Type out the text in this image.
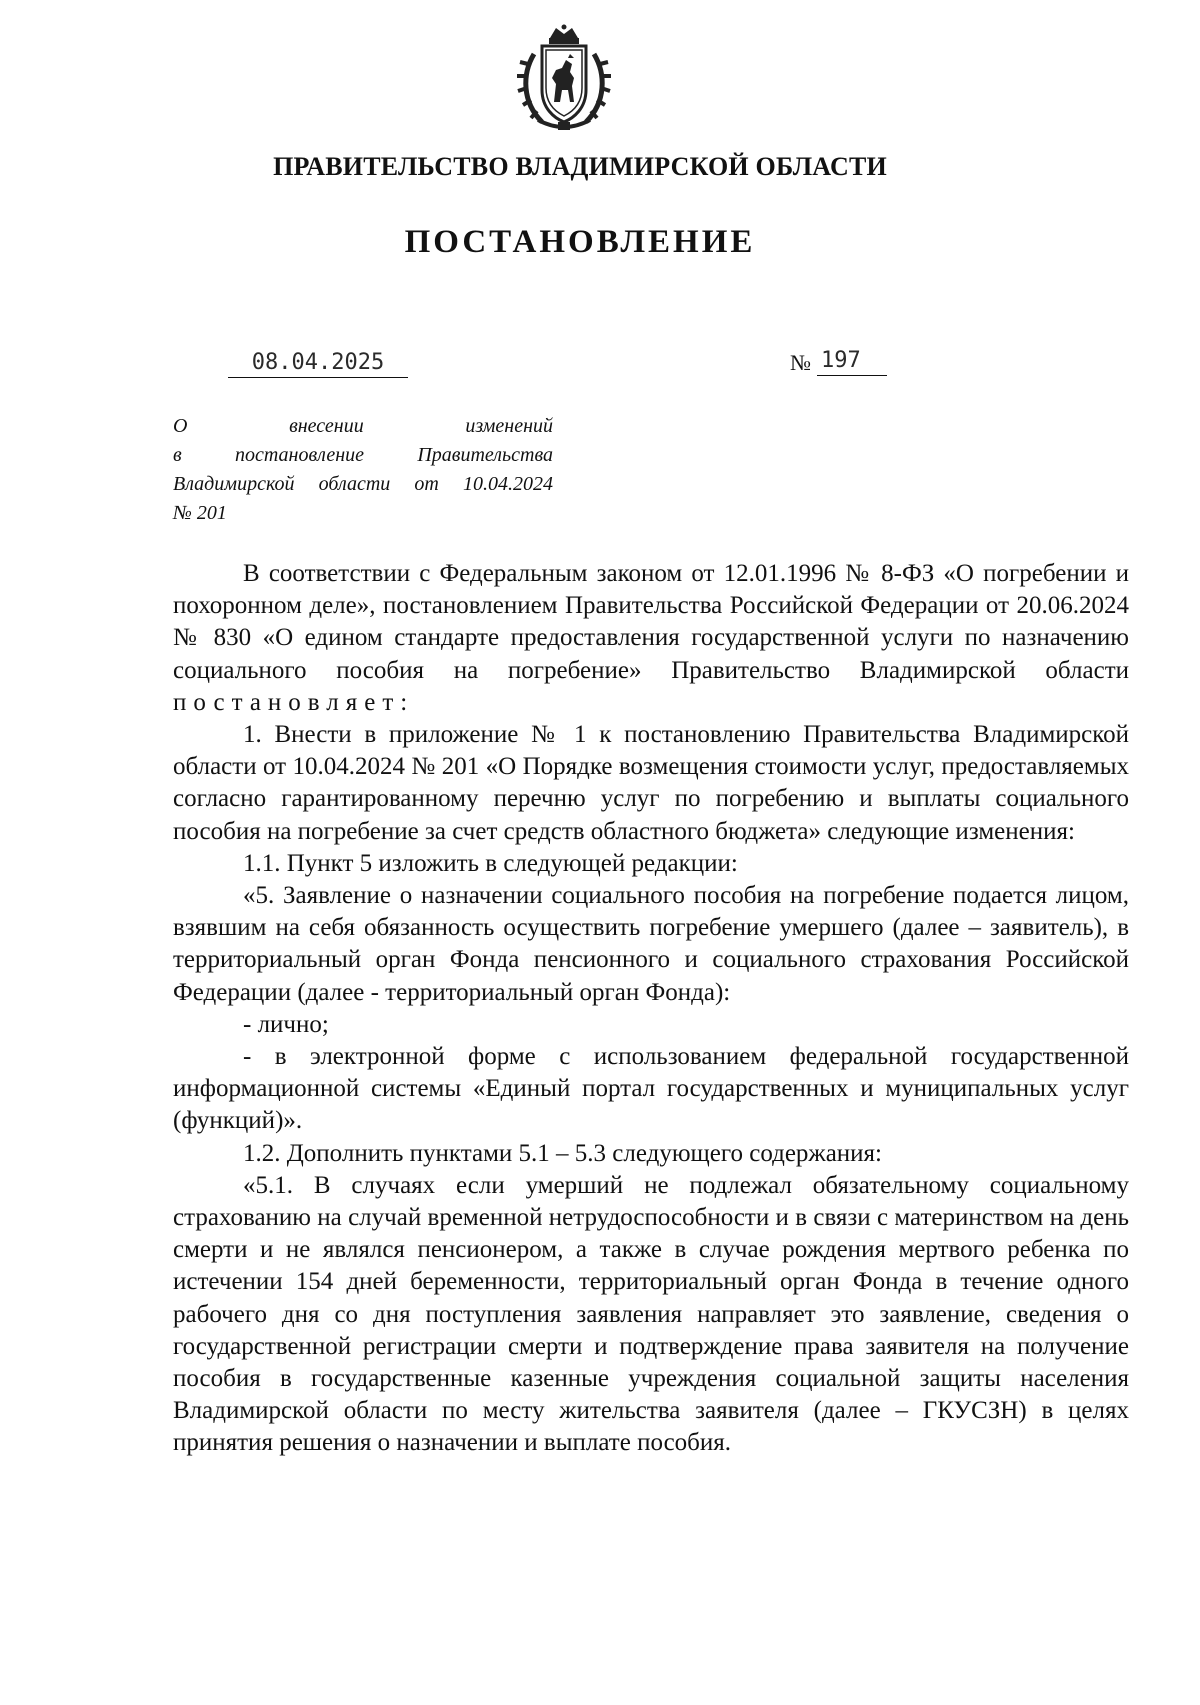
ПРАВИТЕЛЬСТВО ВЛАДИМИРСКОЙ ОБЛАСТИ
ПОСТАНОВЛЕНИЕ
08.04.2025	№ 197
О внесении изменений
в постановление Правительства
Владимирской области от 10.04.2024
№ 201

В соответствии с Федеральным законом от 12.01.1996 № 8-ФЗ «О погребении и похоронном деле», постановлением Правительства Российской Федерации от 20.06.2024 № 830 «О едином стандарте предоставления государственной услуги по назначению социального пособия на погребение» Правительство Владимирской области постановляет:

1. Внести в приложение № 1 к постановлению Правительства Владимирской области от 10.04.2024 № 201 «О Порядке возмещения стоимости услуг, предоставляемых согласно гарантированному перечню услуг по погребению и выплаты социального пособия на погребение за счет средств областного бюджета» следующие изменения:

1.1. Пункт 5 изложить в следующей редакции:

«5. Заявление о назначении социального пособия на погребение подается лицом, взявшим на себя обязанность осуществить погребение умершего (далее – заявитель), в территориальный орган Фонда пенсионного и социального страхования Российской Федерации (далее - территориальный орган Фонда):

- лично;

- в электронной форме с использованием федеральной государственной информационной системы «Единый портал государственных и муниципальных услуг (функций)».

1.2. Дополнить пунктами 5.1 – 5.3 следующего содержания:

«5.1. В случаях если умерший не подлежал обязательному социальному страхованию на случай временной нетрудоспособности и в связи с материнством на день смерти и не являлся пенсионером, а также в случае рождения мертвого ребенка по истечении 154 дней беременности, территориальный орган Фонда в течение одного рабочего дня со дня поступления заявления направляет это заявление, сведения о государственной регистрации смерти и подтверждение права заявителя на получение пособия в государственные казенные учреждения социальной защиты населения Владимирской области по месту жительства заявителя (далее – ГКУСЗН) в целях принятия решения о назначении и выплате пособия.
